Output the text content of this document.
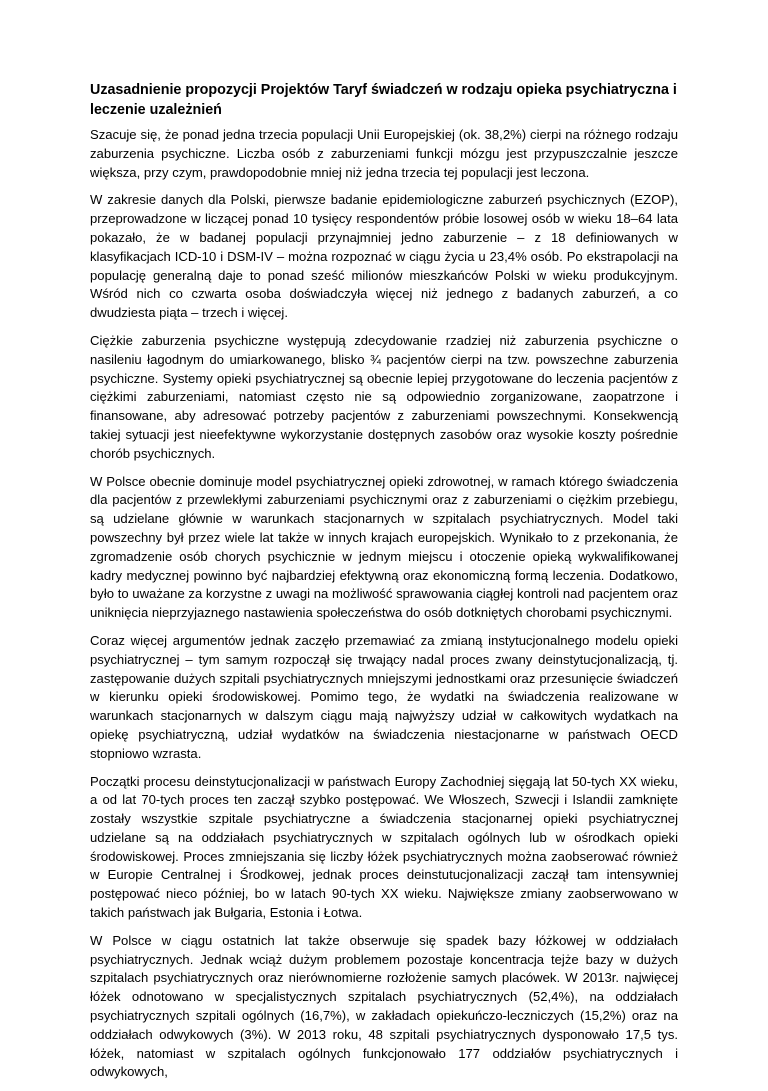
Uzasadnienie propozycji Projektów Taryf świadczeń w rodzaju opieka psychiatryczna i leczenie uzależnień

Szacuje się, że ponad jedna trzecia populacji Unii Europejskiej (ok. 38,2%) cierpi na różnego rodzaju zaburzenia psychiczne. Liczba osób z zaburzeniami funkcji mózgu jest przypuszczalnie jeszcze większa, przy czym, prawdopodobnie mniej niż jedna trzecia tej populacji jest leczona.

W zakresie danych dla Polski, pierwsze badanie epidemiologiczne zaburzeń psychicznych (EZOP), przeprowadzone w liczącej ponad 10 tysięcy respondentów próbie losowej osób w wieku 18–64 lata pokazało, że w badanej populacji przynajmniej jedno zaburzenie – z 18 definiowanych w klasyfikacjach ICD-10 i DSM-IV – można rozpoznać w ciągu życia u 23,4% osób. Po ekstrapolacji na populację generalną daje to ponad sześć milionów mieszkańców Polski w wieku produkcyjnym. Wśród nich co czwarta osoba doświadczyła więcej niż jednego z badanych zaburzeń, a co dwudziesta piąta – trzech i więcej.

Ciężkie zaburzenia psychiczne występują zdecydowanie rzadziej niż zaburzenia psychiczne o nasileniu łagodnym do umiarkowanego, blisko ¾ pacjentów cierpi na tzw. powszechne zaburzenia psychiczne. Systemy opieki psychiatrycznej są obecnie lepiej przygotowane do leczenia pacjentów z ciężkimi zaburzeniami, natomiast często nie są odpowiednio zorganizowane, zaopatrzone i finansowane, aby adresować potrzeby pacjentów z zaburzeniami powszechnymi. Konsekwencją takiej sytuacji jest nieefektywne wykorzystanie dostępnych zasobów oraz wysokie koszty pośrednie chorób psychicznych.

W Polsce obecnie dominuje model psychiatrycznej opieki zdrowotnej, w ramach którego świadczenia dla pacjentów z przewlekłymi zaburzeniami psychicznymi oraz z zaburzeniami o ciężkim przebiegu, są udzielane głównie w warunkach stacjonarnych w szpitalach psychiatrycznych. Model taki powszechny był przez wiele lat także w innych krajach europejskich. Wynikało to z przekonania, że zgromadzenie osób chorych psychicznie w jednym miejscu i otoczenie opieką wykwalifikowanej kadry medycznej powinno być najbardziej efektywną oraz ekonomiczną formą leczenia. Dodatkowo, było to uważane za korzystne z uwagi na możliwość sprawowania ciągłej kontroli nad pacjentem oraz uniknięcia nieprzyjaznego nastawienia społeczeństwa do osób dotkniętych chorobami psychicznymi.

Coraz więcej argumentów jednak zaczęło przemawiać za zmianą instytucjonalnego modelu opieki psychiatrycznej – tym samym rozpoczął się trwający nadal proces zwany deinstytucjonalizacją, tj. zastępowanie dużych szpitali psychiatrycznych mniejszymi jednostkami oraz przesunięcie świadczeń w kierunku opieki środowiskowej. Pomimo tego, że wydatki na świadczenia realizowane w warunkach stacjonarnych w dalszym ciągu mają najwyższy udział w całkowitych wydatkach na opiekę psychiatryczną, udział wydatków na świadczenia niestacjonarne w państwach OECD stopniowo wzrasta.

Początki procesu deinstytucjonalizacji w państwach Europy Zachodniej sięgają lat 50-tych XX wieku, a od lat 70-tych proces ten zaczął szybko postępować. We Włoszech, Szwecji i Islandii zamknięte zostały wszystkie szpitale psychiatryczne a świadczenia stacjonarnej opieki psychiatrycznej udzielane są na oddziałach psychiatrycznych w szpitalach ogólnych lub w ośrodkach opieki środowiskowej. Proces zmniejszania się liczby łóżek psychiatrycznych można zaobserować również w Europie Centralnej i Środkowej, jednak proces deinstutucjonalizacji zaczął tam intensywniej postępować nieco później, bo w latach 90-tych XX wieku. Największe zmiany zaobserwowano w takich państwach jak Bułgaria, Estonia i Łotwa.

W Polsce w ciągu ostatnich lat także obserwuje się spadek bazy łóżkowej w oddziałach psychiatrycznych. Jednak wciąż dużym problemem pozostaje koncentracja tejże bazy w dużych szpitalach psychiatrycznych oraz nierównomierne rozłożenie samych placówek. W 2013r. najwięcej łóżek odnotowano w specjalistycznych szpitalach psychiatrycznych (52,4%), na oddziałach psychiatrycznych szpitali ogólnych (16,7%), w zakładach opiekuńczo-leczniczych (15,2%) oraz na oddziałach odwykowych (3%). W 2013 roku, 48 szpitali psychiatrycznych dysponowało 17,5 tys. łóżek, natomiast w szpitalach ogólnych funkcjonowało 177 oddziałów psychiatrycznych i odwykowych,
